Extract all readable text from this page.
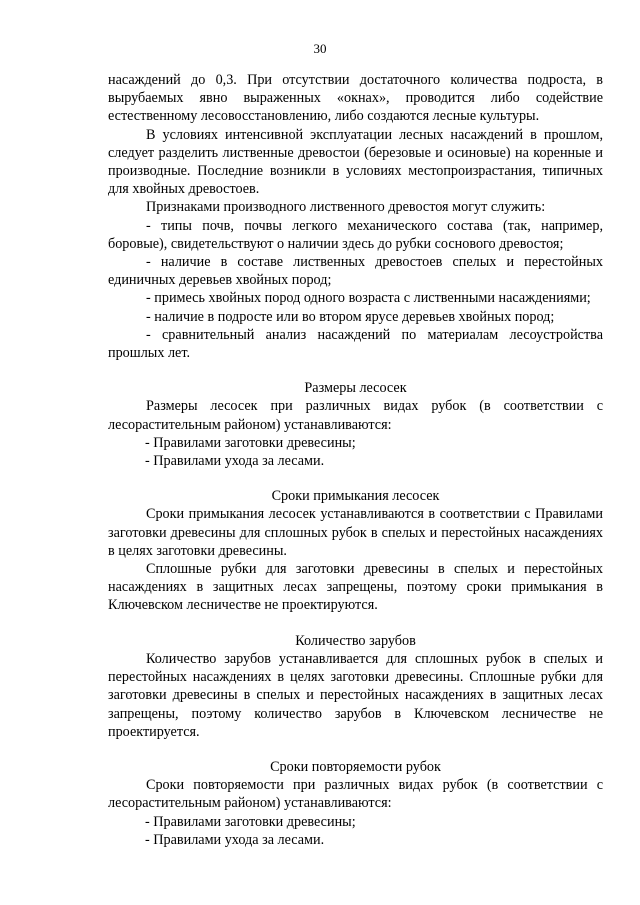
30

насаждений до 0,3. При отсутствии достаточного количества подроста, в вырубаемых явно выраженных «окнах», проводится либо содействие естественному лесовосстановлению, либо создаются лесные культуры.

В условиях интенсивной эксплуатации лесных насаждений в прошлом, следует разделить лиственные древостои (березовые и осиновые) на коренные и производные. Последние возникли в условиях местопроизрастания, типичных для хвойных древостоев.

Признаками производного лиственного древостоя могут служить:

- типы почв, почвы легкого механического состава (так, например, боровые), свидетельствуют о наличии здесь до рубки соснового древостоя;

- наличие в составе лиственных древостоев спелых и перестойных единичных деревьев хвойных пород;

- примесь хвойных пород одного возраста с лиственными насаждениями;

- наличие в подросте или во втором ярусе деревьев хвойных пород;

- сравнительный анализ насаждений по материалам лесоустройства прошлых лет.

Размеры лесосек

Размеры лесосек при различных видах рубок (в соответствии с лесорастительным районом) устанавливаются:

- Правилами заготовки древесины;

- Правилами ухода за лесами.

Сроки примыкания лесосек

Сроки примыкания лесосек устанавливаются в соответствии с Правилами заготовки древесины для сплошных рубок в спелых и перестойных насаждениях в целях заготовки древесины.

Сплошные рубки для заготовки древесины в спелых и перестойных насаждениях в защитных лесах запрещены, поэтому сроки примыкания в Ключевском лесничестве не проектируются.

Количество зарубов

Количество зарубов устанавливается для сплошных рубок в спелых и перестойных насаждениях в целях заготовки древесины. Сплошные рубки для заготовки древесины в спелых и перестойных насаждениях в защитных лесах запрещены, поэтому количество зарубов в Ключевском лесничестве не проектируется.

Сроки повторяемости рубок

Сроки повторяемости при различных видах рубок (в соответствии с лесорастительным районом) устанавливаются:

- Правилами заготовки древесины;

- Правилами ухода за лесами.
